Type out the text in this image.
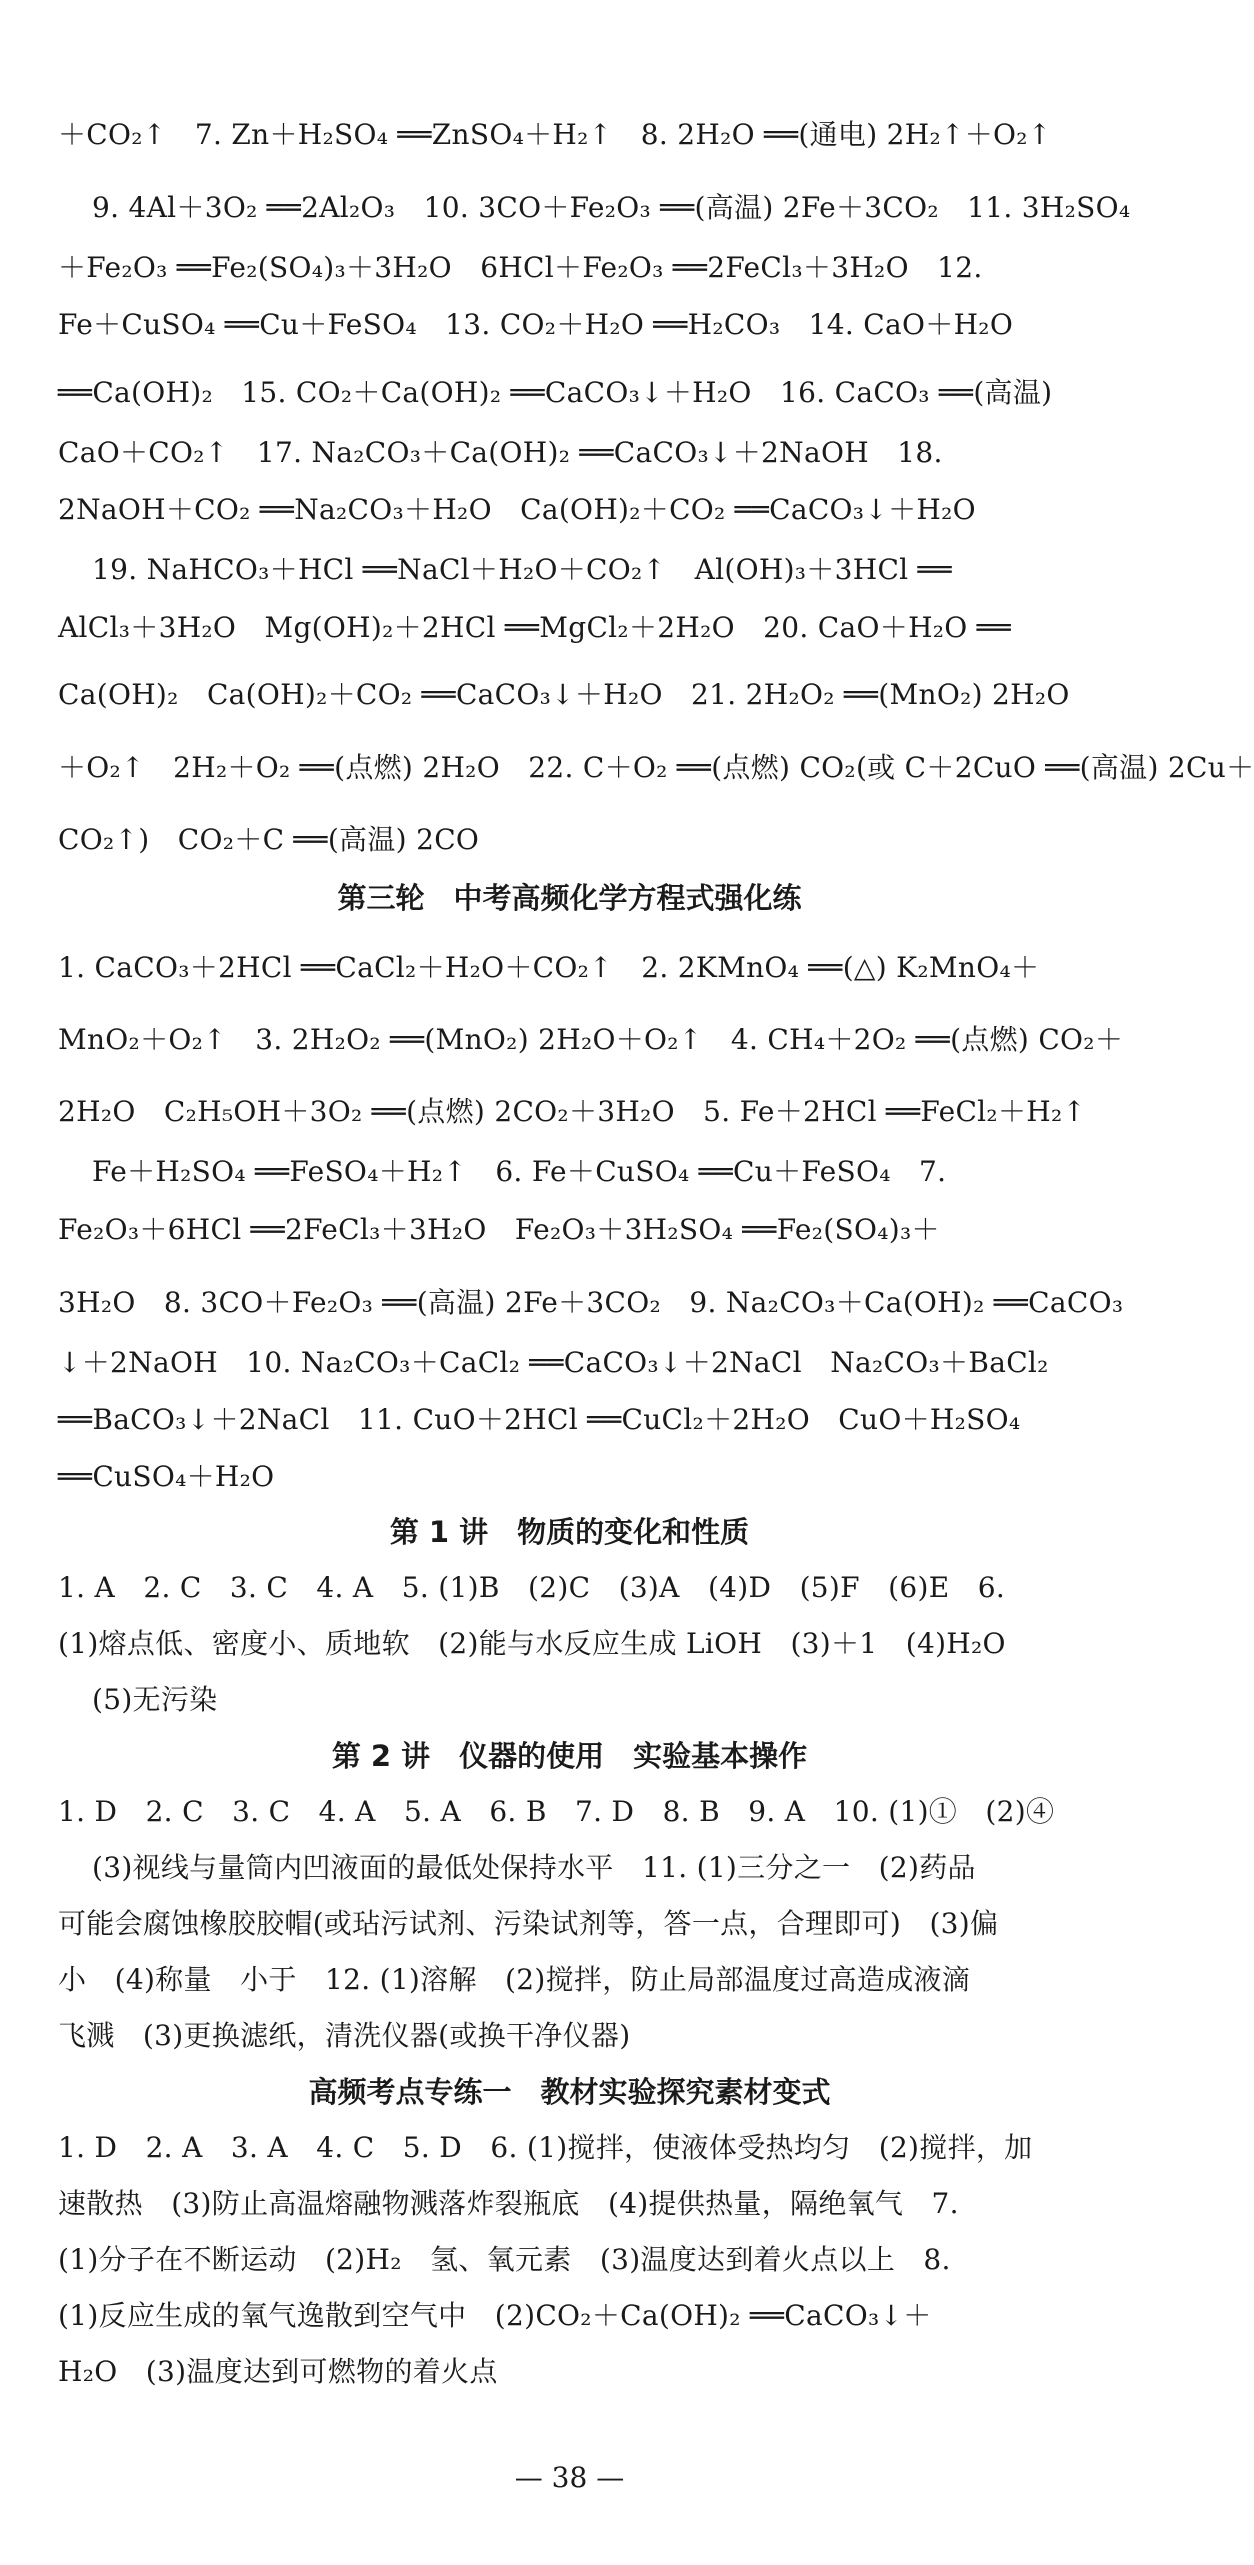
＋CO₂↑　7. Zn＋H₂SO₄ ══ZnSO₄＋H₂↑　8. 2H₂O ══(通电) 2H₂↑＋O₂↑
9. 4Al＋3O₂ ══2Al₂O₃　10. 3CO＋Fe₂O₃ ══(高温) 2Fe＋3CO₂　11. 3H₂SO₄
＋Fe₂O₃ ══Fe₂(SO₄)₃＋3H₂O　6HCl＋Fe₂O₃ ══2FeCl₃＋3H₂O　12.
Fe＋CuSO₄ ══Cu＋FeSO₄　13. CO₂＋H₂O ══H₂CO₃　14. CaO＋H₂O
══Ca(OH)₂　15. CO₂＋Ca(OH)₂ ══CaCO₃↓＋H₂O　16. CaCO₃ ══(高温)
CaO＋CO₂↑　17. Na₂CO₃＋Ca(OH)₂ ══CaCO₃↓＋2NaOH　18.
2NaOH＋CO₂ ══Na₂CO₃＋H₂O　Ca(OH)₂＋CO₂ ══CaCO₃↓＋H₂O
19. NaHCO₃＋HCl ══NaCl＋H₂O＋CO₂↑　Al(OH)₃＋3HCl ══
AlCl₃＋3H₂O　Mg(OH)₂＋2HCl ══MgCl₂＋2H₂O　20. CaO＋H₂O ══
Ca(OH)₂　Ca(OH)₂＋CO₂ ══CaCO₃↓＋H₂O　21. 2H₂O₂ ══(MnO₂) 2H₂O
＋O₂↑　2H₂＋O₂ ══(点燃) 2H₂O　22. C＋O₂ ══(点燃) CO₂(或 C＋2CuO ══(高温) 2Cu＋
CO₂↑)　CO₂＋C ══(高温) 2CO
第三轮　中考高频化学方程式强化练
1. CaCO₃＋2HCl ══CaCl₂＋H₂O＋CO₂↑　2. 2KMnO₄ ══(△) K₂MnO₄＋
MnO₂＋O₂↑　3. 2H₂O₂ ══(MnO₂) 2H₂O＋O₂↑　4. CH₄＋2O₂ ══(点燃) CO₂＋
2H₂O　C₂H₅OH＋3O₂ ══(点燃) 2CO₂＋3H₂O　5. Fe＋2HCl ══FeCl₂＋H₂↑
Fe＋H₂SO₄ ══FeSO₄＋H₂↑　6. Fe＋CuSO₄ ══Cu＋FeSO₄　7.
Fe₂O₃＋6HCl ══2FeCl₃＋3H₂O　Fe₂O₃＋3H₂SO₄ ══Fe₂(SO₄)₃＋
3H₂O　8. 3CO＋Fe₂O₃ ══(高温) 2Fe＋3CO₂　9. Na₂CO₃＋Ca(OH)₂ ══CaCO₃
↓＋2NaOH　10. Na₂CO₃＋CaCl₂ ══CaCO₃↓＋2NaCl　Na₂CO₃＋BaCl₂
══BaCO₃↓＋2NaCl　11. CuO＋2HCl ══CuCl₂＋2H₂O　CuO＋H₂SO₄
══CuSO₄＋H₂O
第 1 讲　物质的变化和性质
1. A　2. C　3. C　4. A　5. (1)B　(2)C　(3)A　(4)D　(5)F　(6)E　6.
(1)熔点低、密度小、质地软　(2)能与水反应生成 LiOH　(3)＋1　(4)H₂O
(5)无污染
第 2 讲　仪器的使用　实验基本操作
1. D　2. C　3. C　4. A　5. A　6. B　7. D　8. B　9. A　10. (1)①　(2)④
(3)视线与量筒内凹液面的最低处保持水平　11. (1)三分之一　(2)药品
可能会腐蚀橡胶胶帽(或玷污试剂、污染试剂等，答一点，合理即可)　(3)偏
小　(4)称量　小于　12. (1)溶解　(2)搅拌，防止局部温度过高造成液滴
飞溅　(3)更换滤纸，清洗仪器(或换干净仪器)
高频考点专练一　教材实验探究素材变式
1. D　2. A　3. A　4. C　5. D　6. (1)搅拌，使液体受热均匀　(2)搅拌，加
速散热　(3)防止高温熔融物溅落炸裂瓶底　(4)提供热量，隔绝氧气　7.
(1)分子在不断运动　(2)H₂　氢、氧元素　(3)温度达到着火点以上　8.
(1)反应生成的氧气逸散到空气中　(2)CO₂＋Ca(OH)₂ ══CaCO₃↓＋
H₂O　(3)温度达到可燃物的着火点
— 38 —
